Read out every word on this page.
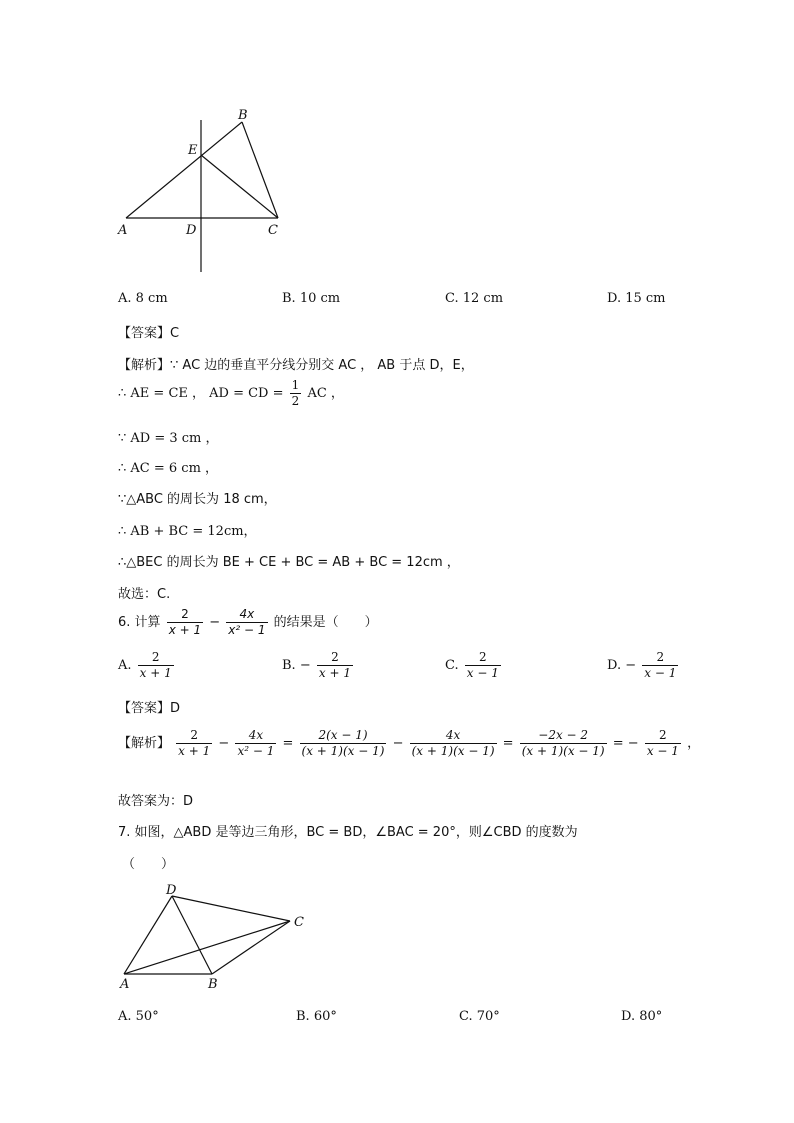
B
E
A	D	C
A. 8 cm	B. 10 cm	C. 12 cm	D. 15 cm
【答案】C
【解析】∵ AC 边的垂直平分线分别交 AC ， AB 于点 D，E，
∴ AE = CE ， AD = CD = $\frac{1}{2}$ AC ，
∵ AD = 3 cm ，
∴ AC = 6 cm ，
∵△ABC 的周长为 18 cm，
∴ AB + BC = 12cm，
∴△BEC 的周长为 BE + CE + BC = AB + BC = 12cm ，
故选：C.
6. 计算 $\frac{2}{x + 1} - \frac{4x}{\text{x² − 1}}$ 的结果是（　　）
A. $\frac{2}{x + 1}$	B. − $\frac{2}{x + 1}$	C. $\frac{2}{x - 1}$	D. − $\frac{2}{x - 1}$
【答案】D
【解析】 $\frac{2}{x + 1} - \frac{4x}{\text{x² − 1}} = \frac{2(x - 1)}{(x + 1)(x - 1)} - \frac{4x}{(x + 1)(x - 1)} = \frac{-2x - 2}{(x + 1)(x - 1)}$ = − $\frac{2}{x - 1}$ ，
故答案为：D
7. 如图，△ABD 是等边三角形，BC = BD，∠BAC = 20°，则∠CBD 的度数为
（　　）
D
C
A	B
A. 50°	B. 60°	C. 70°	D. 80°
